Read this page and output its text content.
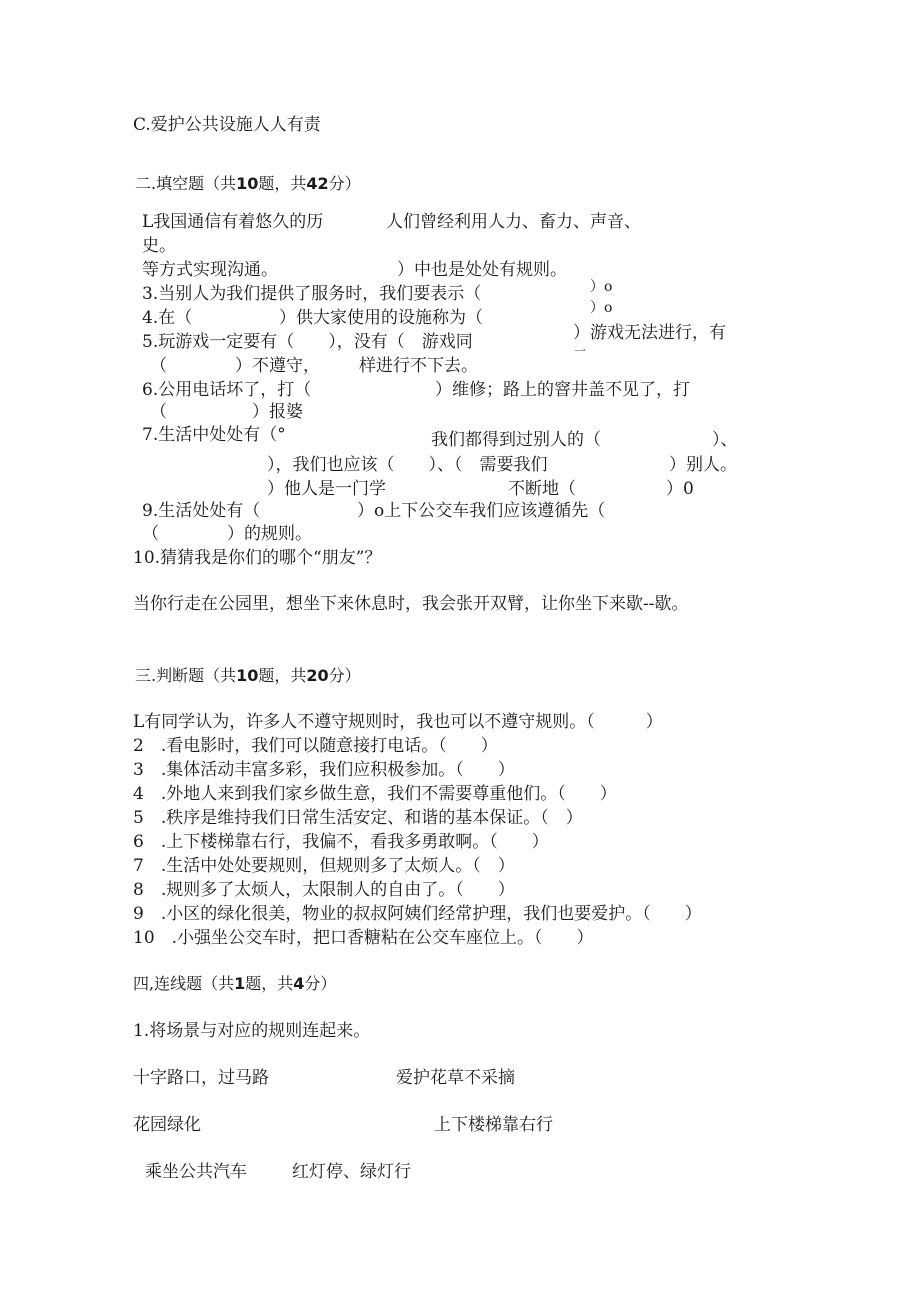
C.爱护公共设施人人有责
二.填空题（共10题，共42分）
L我国通信有着悠久的历	人们曾经利用人力、畜力、声音、
史。
等方式实现沟通。	）中也是处处有规则。
3.当别人为我们提供了服务时，我们要表示（	）o
4.在（	）供大家使用的设施称为（	）o
5.玩游戏一定要有（　　），没有（　游戏同	）游戏无法进行，有
一
（　　　　）不遵守， 样进行不下去。
6.公用电话坏了，打（	）维修；路上的窨井盖不见了，打
（　　　　　）报婆
7.生活中处处有（°	我们都得到过别人的（	）、
），我们也应该（　　）、（　需要我们	）别人。
）他人是一门学	不断地（	）0
9.生活处处有（	）o上下公交车我们应该遵循先（
（　　　　）的规则。
10.猜猜我是你们的哪个“朋友”？
当你行走在公园里，想坐下来休息时，我会张开双臂，让你坐下来歇--歇。
三.判断题（共10题，共20分）
L有同学认为，许多人不遵守规则时，我也可以不遵守规则。（　　　）
2　.看电影时，我们可以随意接打电话。（　　）
3　.集体活动丰富多彩，我们应积极参加。（　　）
4　.外地人来到我们家乡做生意，我们不需要尊重他们。（　　）
5　.秩序是维持我们日常生活安定、和谐的基本保证。（　）
6　.上下楼梯靠右行，我偏不，看我多勇敢啊。（　　）
7　.生活中处处要规则，但规则多了太烦人。（　）
8　.规则多了太烦人，太限制人的自由了。（　　）
9　.小区的绿化很美，物业的叔叔阿姨们经常护理，我们也要爱护。（　　）
10　.小强坐公交车时，把口香糖粘在公交车座位上。（　　）
四,连线题（共1题，共4分）
1.将场景与对应的规则连起来。
十字路口，过马路	爱护花草不采摘
花园绿化	上下楼梯靠右行
乘坐公共汽车	红灯停、绿灯行
